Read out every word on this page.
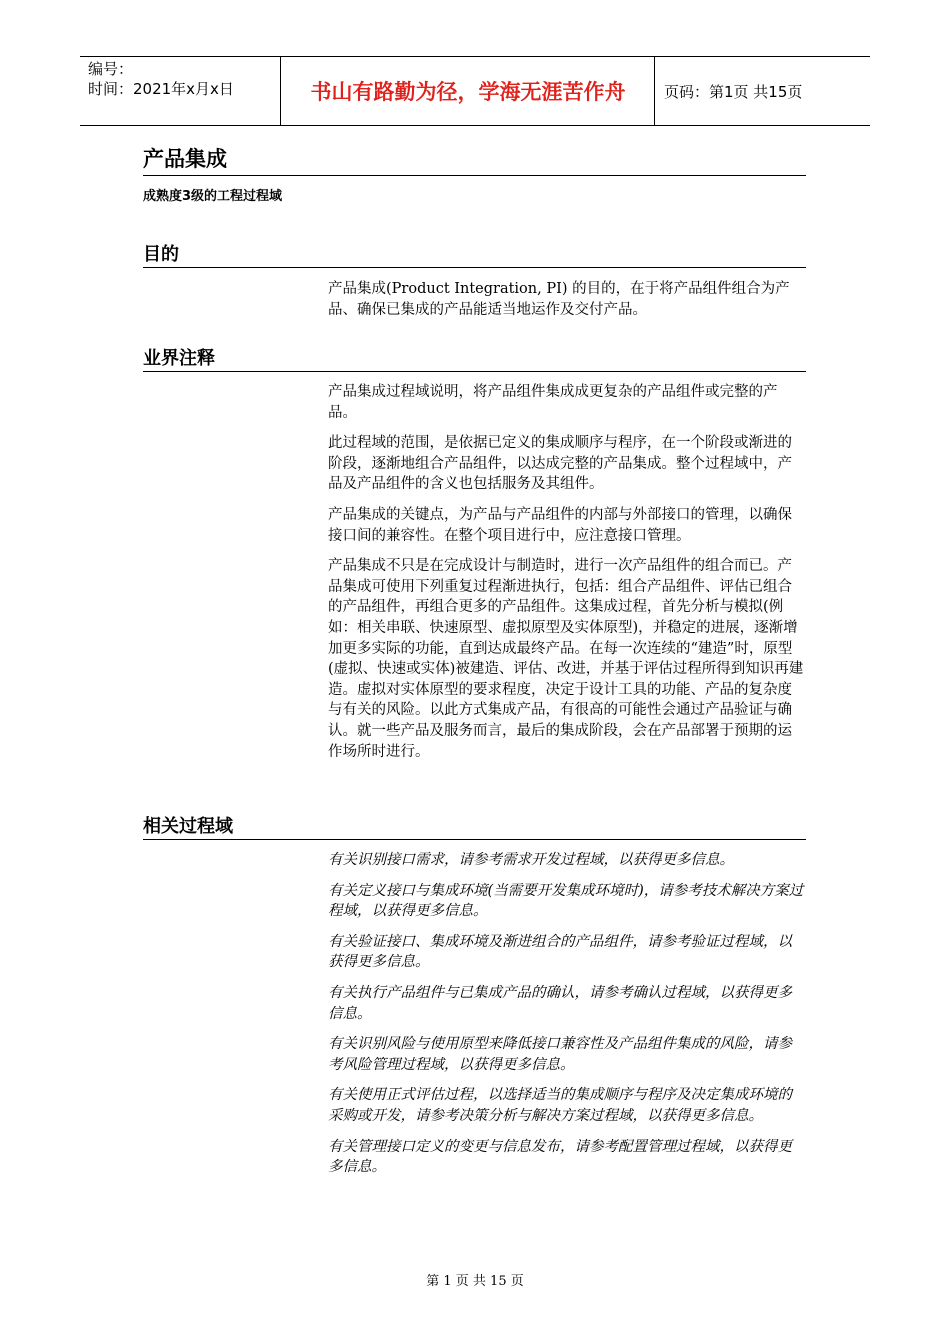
编号：
时间：2021年x月x日	书山有路勤为径，学海无涯苦作舟	页码：第1页 共15页
产品集成
成熟度3级的工程过程域
目的

产品集成(Product Integration, PI) 的目的，在于将产品组件组合为产品、确保已集成的产品能适当地运作及交付产品。

业界注释

产品集成过程域说明，将产品组件集成成更复杂的产品组件或完整的产品。

此过程域的范围，是依据已定义的集成顺序与程序，在一个阶段或渐进的阶段，逐渐地组合产品组件，以达成完整的产品集成。整个过程域中，产品及产品组件的含义也包括服务及其组件。

产品集成的关键点，为产品与产品组件的内部与外部接口的管理，以确保接口间的兼容性。在整个项目进行中，应注意接口管理。

产品集成不只是在完成设计与制造时，进行一次产品组件的组合而已。产品集成可使用下列重复过程渐进执行，包括：组合产品组件、评估已组合的产品组件，再组合更多的产品组件。这集成过程，首先分析与模拟(例如：相关串联、快速原型、虚拟原型及实体原型)，并稳定的进展，逐渐增加更多实际的功能，直到达成最终产品。在每一次连续的“建造”时，原型(虚拟、快速或实体)被建造、评估、改进，并基于评估过程所得到知识再建造。虚拟对实体原型的要求程度，决定于设计工具的功能、产品的复杂度与有关的风险。以此方式集成产品，有很高的可能性会通过产品验证与确认。就一些产品及服务而言，最后的集成阶段，会在产品部署于预期的运作场所时进行。

相关过程域

有关识别接口需求，请参考需求开发过程域，以获得更多信息。

有关定义接口与集成环境(当需要开发集成环境时)，请参考技术解决方案过程域，以获得更多信息。

有关验证接口、集成环境及渐进组合的产品组件，请参考验证过程域，以获得更多信息。

有关执行产品组件与已集成产品的确认，请参考确认过程域，以获得更多信息。

有关识别风险与使用原型来降低接口兼容性及产品组件集成的风险，请参考风险管理过程域，以获得更多信息。

有关使用正式评估过程，以选择适当的集成顺序与程序及决定集成环境的采购或开发，请参考决策分析与解决方案过程域，以获得更多信息。

有关管理接口定义的变更与信息发布，请参考配置管理过程域，以获得更多信息。

第 1 页 共 15 页
